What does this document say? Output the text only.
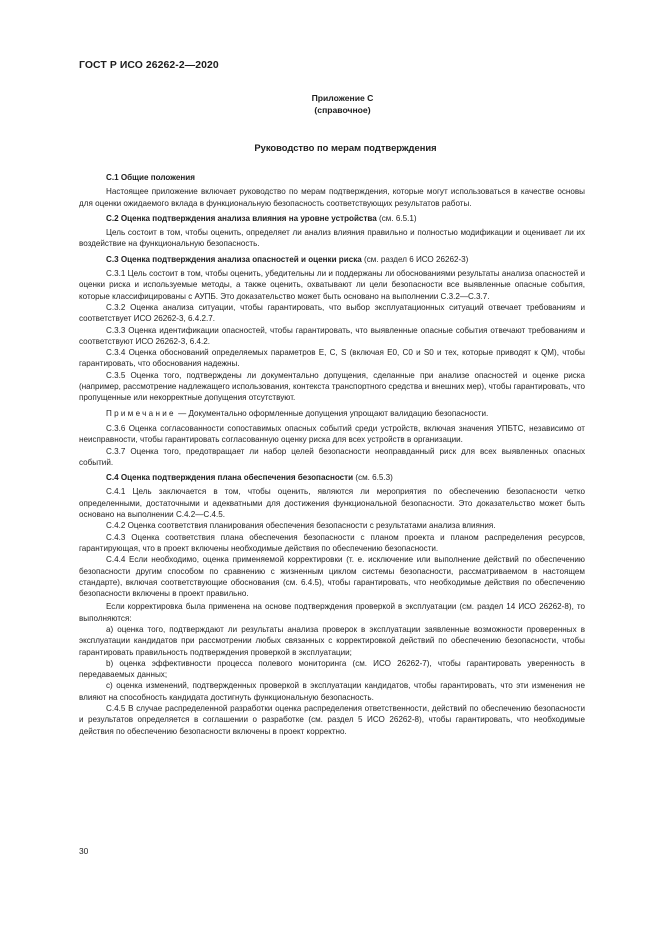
ГОСТ Р ИСО 26262-2—2020
Приложение С
(справочное)
Руководство по мерам подтверждения

С.1 Общие положения

Настоящее приложение включает руководство по мерам подтверждения, которые могут использоваться в качестве основы для оценки ожидаемого вклада в функциональную безопасность соответствующих результатов работы.

С.2 Оценка подтверждения анализа влияния на уровне устройства (см. 6.5.1)

Цель состоит в том, чтобы оценить, определяет ли анализ влияния правильно и полностью модификации и оценивает ли их воздействие на функциональную безопасность.

С.3 Оценка подтверждения анализа опасностей и оценки риска (см. раздел 6 ИСО 26262-3)

С.3.1 Цель состоит в том, чтобы оценить, убедительны ли и поддержаны ли обоснованиями результаты анализа опасностей и оценки риска и используемые методы, а также оценить, охватывают ли цели безопасности все выявленные опасные события, которые классифицированы с АУПБ. Это доказательство может быть основано на выполнении С.3.2—С.3.7.

С.3.2 Оценка анализа ситуации, чтобы гарантировать, что выбор эксплуатационных ситуаций отвечает требованиям и соответствует ИСО 26262-3, 6.4.2.7.

С.3.3 Оценка идентификации опасностей, чтобы гарантировать, что выявленные опасные события отвечают требованиям и соответствуют ИСО 26262-3, 6.4.2.

С.3.4 Оценка обоснований определяемых параметров Е, С, S (включая Е0, С0 и S0 и тех, которые приводят к QM), чтобы гарантировать, что обоснования надежны.

С.3.5 Оценка того, подтверждены ли документально допущения, сделанные при анализе опасностей и оценке риска (например, рассмотрение надлежащего использования, контекста транспортного средства и внешних мер), чтобы гарантировать, что пропущенные или некорректные допущения отсутствуют.

Примечание — Документально оформленные допущения упрощают валидацию безопасности.

С.3.6 Оценка согласованности сопоставимых опасных событий среди устройств, включая значения УПБТС, независимо от неисправности, чтобы гарантировать согласованную оценку риска для всех устройств в организации.

С.3.7 Оценка того, предотвращает ли набор целей безопасности неоправданный риск для всех выявленных опасных событий.

С.4 Оценка подтверждения плана обеспечения безопасности (см. 6.5.3)

С.4.1 Цель заключается в том, чтобы оценить, являются ли мероприятия по обеспечению безопасности четко определенными, достаточными и адекватными для достижения функциональной безопасности. Это доказательство может быть основано на выполнении С.4.2—С.4.5.

С.4.2 Оценка соответствия планирования обеспечения безопасности с результатами анализа влияния.

С.4.3 Оценка соответствия плана обеспечения безопасности с планом проекта и планом распределения ресурсов, гарантирующая, что в проект включены необходимые действия по обеспечению безопасности.

С.4.4 Если необходимо, оценка применяемой корректировки (т. е. исключение или выполнение действий по обеспечению безопасности другим способом по сравнению с жизненным циклом системы безопасности, рассматриваемом в настоящем стандарте), включая соответствующие обоснования (см. 6.4.5), чтобы гарантировать, что необходимые действия по обеспечению безопасности включены в проект правильно.

Если корректировка была применена на основе подтверждения проверкой в эксплуатации (см. раздел 14 ИСО 26262-8), то выполняются:

а) оценка того, подтверждают ли результаты анализа проверок в эксплуатации заявленные возможности проверенных в эксплуатации кандидатов при рассмотрении любых связанных с корректировкой действий по обеспечению безопасности, чтобы гарантировать правильность подтверждения проверкой в эксплуатации;

b) оценка эффективности процесса полевого мониторинга (см. ИСО 26262-7), чтобы гарантировать уверенность в передаваемых данных;

с) оценка изменений, подтвержденных проверкой в эксплуатации кандидатов, чтобы гарантировать, что эти изменения не влияют на способность кандидата достигнуть функциональную безопасность.

С.4.5 В случае распределенной разработки оценка распределения ответственности, действий по обеспечению безопасности и результатов определяется в соглашении о разработке (см. раздел 5 ИСО 26262-8), чтобы гарантировать, что необходимые действия по обеспечению безопасности включены в проект корректно.

30
